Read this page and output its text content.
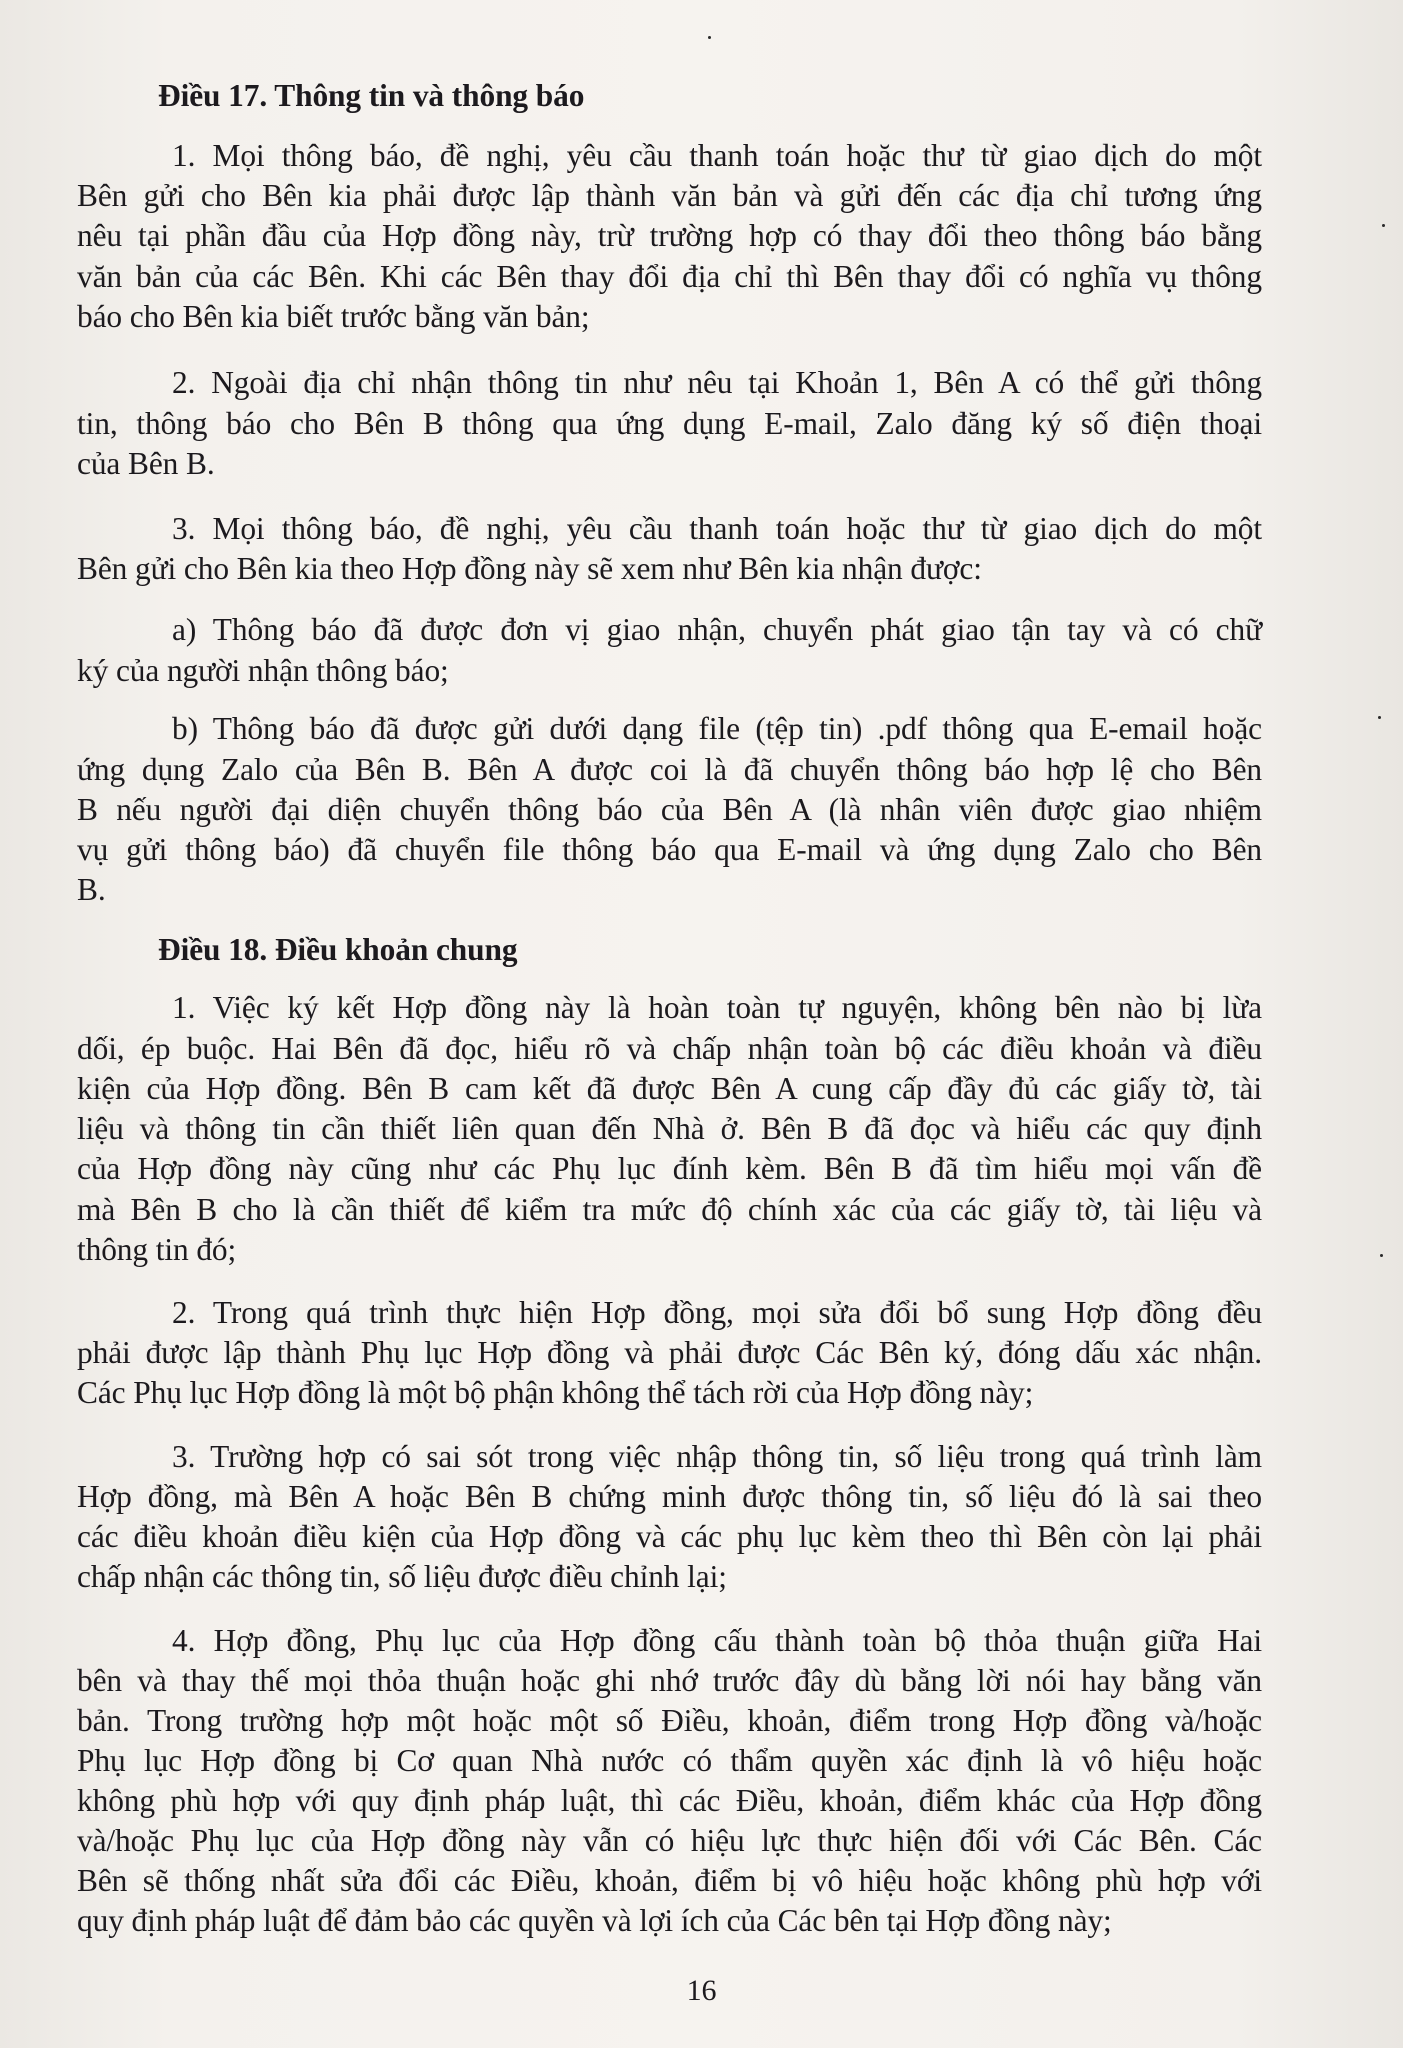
Điều 17. Thông tin và thông báo
1. Mọi thông báo, đề nghị, yêu cầu thanh toán hoặc thư từ giao dịch do một
Bên gửi cho Bên kia phải được lập thành văn bản và gửi đến các địa chỉ tương ứng
nêu tại phần đầu của Hợp đồng này, trừ trường hợp có thay đổi theo thông báo bằng
văn bản của các Bên. Khi các Bên thay đổi địa chỉ thì Bên thay đổi có nghĩa vụ thông
báo cho Bên kia biết trước bằng văn bản;
2. Ngoài địa chỉ nhận thông tin như nêu tại Khoản 1, Bên A có thể gửi thông
tin, thông báo cho Bên B thông qua ứng dụng E-mail, Zalo đăng ký số điện thoại
của Bên B.
3. Mọi thông báo, đề nghị, yêu cầu thanh toán hoặc thư từ giao dịch do một
Bên gửi cho Bên kia theo Hợp đồng này sẽ xem như Bên kia nhận được:
a) Thông báo đã được đơn vị giao nhận, chuyển phát giao tận tay và có chữ
ký của người nhận thông báo;
b) Thông báo đã được gửi dưới dạng file (tệp tin) .pdf thông qua E-email hoặc
ứng dụng Zalo của Bên B. Bên A được coi là đã chuyển thông báo hợp lệ cho Bên
B nếu người đại diện chuyển thông báo của Bên A (là nhân viên được giao nhiệm
vụ gửi thông báo) đã chuyển file thông báo qua E-mail và ứng dụng Zalo cho Bên
B.
Điều 18. Điều khoản chung
1. Việc ký kết Hợp đồng này là hoàn toàn tự nguyện, không bên nào bị lừa
dối, ép buộc. Hai Bên đã đọc, hiểu rõ và chấp nhận toàn bộ các điều khoản và điều
kiện của Hợp đồng. Bên B cam kết đã được Bên A cung cấp đầy đủ các giấy tờ, tài
liệu và thông tin cần thiết liên quan đến Nhà ở. Bên B đã đọc và hiểu các quy định
của Hợp đồng này cũng như các Phụ lục đính kèm. Bên B đã tìm hiểu mọi vấn đề
mà Bên B cho là cần thiết để kiểm tra mức độ chính xác của các giấy tờ, tài liệu và
thông tin đó;
2. Trong quá trình thực hiện Hợp đồng, mọi sửa đổi bổ sung Hợp đồng đều
phải được lập thành Phụ lục Hợp đồng và phải được Các Bên ký, đóng dấu xác nhận.
Các Phụ lục Hợp đồng là một bộ phận không thể tách rời của Hợp đồng này;
3. Trường hợp có sai sót trong việc nhập thông tin, số liệu trong quá trình làm
Hợp đồng, mà Bên A hoặc Bên B chứng minh được thông tin, số liệu đó là sai theo
các điều khoản điều kiện của Hợp đồng và các phụ lục kèm theo thì Bên còn lại phải
chấp nhận các thông tin, số liệu được điều chỉnh lại;
4. Hợp đồng, Phụ lục của Hợp đồng cấu thành toàn bộ thỏa thuận giữa Hai
bên và thay thế mọi thỏa thuận hoặc ghi nhớ trước đây dù bằng lời nói hay bằng văn
bản. Trong trường hợp một hoặc một số Điều, khoản, điểm trong Hợp đồng và/hoặc
Phụ lục Hợp đồng bị Cơ quan Nhà nước có thẩm quyền xác định là vô hiệu hoặc
không phù hợp với quy định pháp luật, thì các Điều, khoản, điểm khác của Hợp đồng
và/hoặc Phụ lục của Hợp đồng này vẫn có hiệu lực thực hiện đối với Các Bên. Các
Bên sẽ thống nhất sửa đổi các Điều, khoản, điểm bị vô hiệu hoặc không phù hợp với
quy định pháp luật để đảm bảo các quyền và lợi ích của Các bên tại Hợp đồng này;
16
